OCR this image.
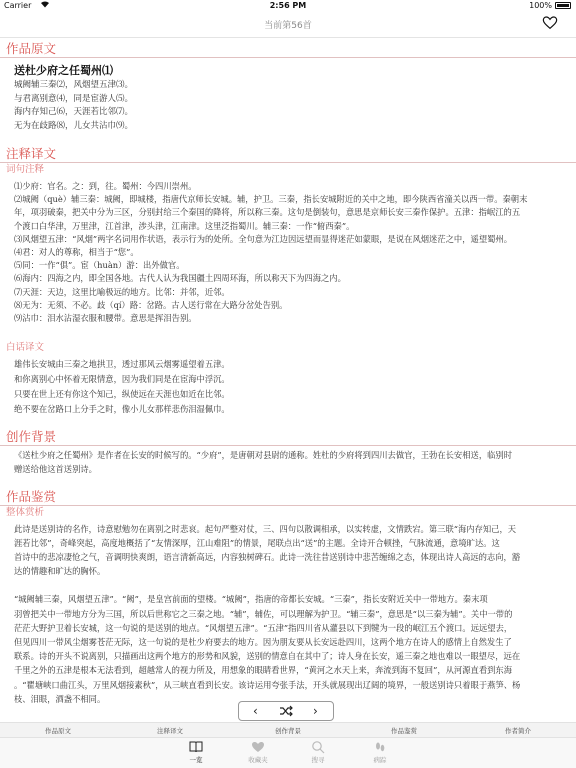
Carrier	2:56 PM	100%
当前第56首
作品原文
送杜少府之任蜀州⑴
城阙辅三秦⑵，风烟望五津⑶。
与君离别意⑷，同是宦游人⑸。
海内存知己⑹，天涯若比邻⑺。
无为在歧路⑻，儿女共沾巾⑼。
注释译文
词句注释
⑴少府：官名。之：到，往。蜀州：今四川崇州。
⑵城阙（què）辅三秦：城阙，即城楼，指唐代京师长安城。辅，护卫。三秦，指长安城附近的关中之地，即今陕西省潼关以西一带。秦朝末
年，项羽破秦，把关中分为三区，分别封给三个秦国的降将，所以称三秦。这句是倒装句，意思是京师长安三秦作保护。五津：指岷江的五
个渡口白华津，万里津，江首津，涉头津，江南津。这里泛指蜀川。辅三秦：一作“俯西秦”。
⑶风烟望五津：“风烟”两字名词用作状语，表示行为的处所。全句意为江边因远望而显得迷茫如蒙眼，是说在风烟迷茫之中，遥望蜀州。
⑷君：对人的尊称，相当于“您”。
⑸同：一作“俱”。宦（huàn）游：出外做官。
⑹海内：四海之内，即全国各地。古代人认为我国疆土四周环海，所以称天下为四海之内。
⑺天涯：天边，这里比喻极远的地方。比邻：并邻，近邻。
⑻无为：无须、不必。歧（qí）路：岔路。古人送行常在大路分岔处告别。
⑼沾巾：泪水沾湿衣服和腰带。意思是挥泪告别。
白话译文
雄伟长安城由三秦之地拱卫，透过那风云烟雾遥望着五津。
和你离别心中怀着无限情意，因为我们同是在宦海中浮沉。
只要在世上还有你这个知己，纵使远在天涯也如近在比邻。
绝不要在岔路口上分手之时，像小儿女那样悲伤泪湿佩巾。
创作背景
《送杜少府之任蜀州》是作者在长安的时候写的。“少府”，是唐朝对县尉的通称。姓杜的少府将到四川去做官，王勃在长安相送，临别时
赠送给他这首送别诗。
作品鉴赏
整体赏析
此诗是送别诗的名作，诗意慰勉勿在离别之时悲哀。起句严整对仗，三、四句以散调相承，以实转虚，文情跌宕。第三联“海内存知己，天
涯若比邻”，奇峰突起，高度地概括了“友情深厚，江山难阻”的情景，尾联点出“送”的主题。全诗开合顿挫，气脉流通，意境旷达。这
首诗中的悲凉凄怆之气，音调明快爽朗，语言清新高远，内容独树碑石。此诗一洗往昔送别诗中悲苦缠绵之态，体现出诗人高远的志向，豁
达的情趣和旷达的胸怀。
“城阙辅三秦，风烟望五津”。“阙”，是皇宫前面的望楼。“城阙”，指唐的帝都长安城。“三秦”，指长安附近关中一带地方。秦末项
羽曾把关中一带地方分为三国，所以后世称它之三秦之地。“辅”，辅佐，可以理解为护卫。“辅三秦”，意思是“以三秦为辅”。关中一带的
茫茫大野护卫着长安城，这一句说的是送别的地点。“风烟望五津”。“五津”指四川省从灌县以下到犍为一段的岷江五个渡口。远远望去，
但见四川一带风尘烟雾苍茫无际，这一句说的是杜少府要去的地方。因为朋友要从长安远赴四川，这两个地方在诗人的感情上自然发生了
联系。诗的开头不说离别，只描画出这两个地方的形势和风貌，送别的情意自在其中了；诗人身在长安，遥三秦之地也难以一眼望尽，远在
千里之外的五津是根本无法看到，超越常人的视力所及，用想象的眼睛看世界，“黄河之水天上来，奔流到海不复回”，从河源直看到东海
。“瞿塘峡口曲江头，万里风烟接素秋”，从三峡直看到长安。该诗运用夸张手法，开头就展现出辽阔的境界，一般送别诗只着眼于燕笋、杨
枝、泪眼，酒盏不相同。
‹	›
作品原文	注释译文	创作背景	作品鉴赏	作者简介
一览	收藏夹	搜寻	病踪
